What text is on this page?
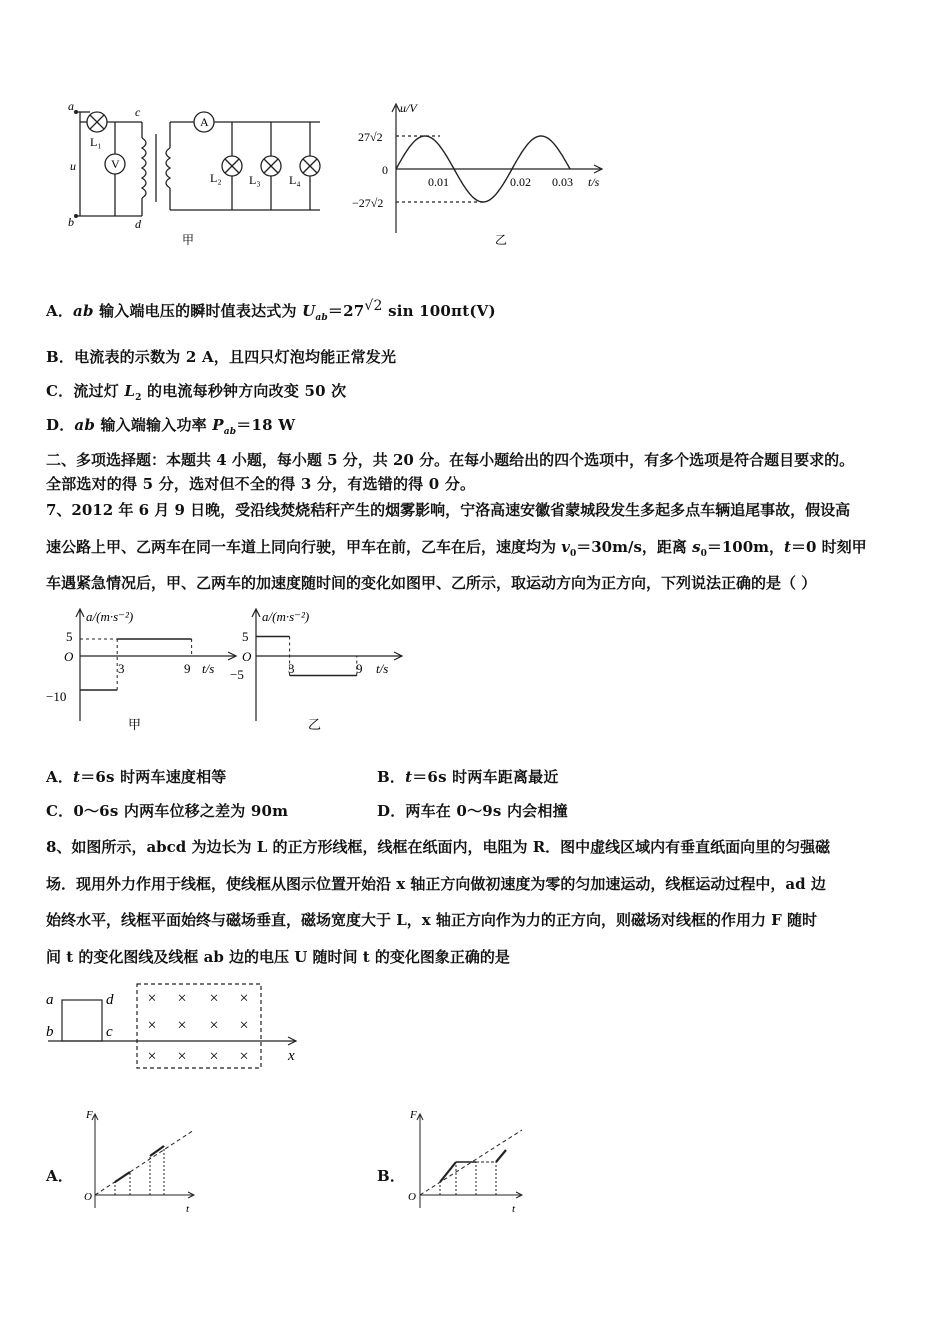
a
b
c
d
u
L₁
V
A
L₂ L₃ L₄
甲
u/V
t/s
27√2
−27√2
0
0.01	0.02 0.03
乙
A．ab 输入端电压的瞬时值表达式为 $U_{ab}=27^{√2}$ sin 100πt(V)
B．电流表的示数为 2 A，且四只灯泡均能正常发光
C．流过灯 $L_2$ 的电流每秒钟方向改变 50 次
D．ab 输入端输入功率 $P_{ab}=18$ W
二、多项选择题：本题共 4 小题，每小题 5 分，共 20 分。在每小题给出的四个选项中，有多个选项是符合题目要求的。
全部选对的得 5 分，选对但不全的得 3 分，有选错的得 0 分。
7、2012 年 6 月 9 日晚，受沿线焚烧秸秆产生的烟雾影响，宁洛高速安徽省蒙城段发生多起多点车辆追尾事故，假设高
速公路上甲、乙两车在同一车道上同向行驶，甲车在前，乙车在后，速度均为 $v_0=30m/s$，距离 $s_0=100m$，t＝0 时刻甲
车遇紧急情况后，甲、乙两车的加速度随时间的变化如图甲、乙所示，取运动方向为正方向，下列说法正确的是（ ）
a/(m·s⁻²)
t/s
O
5
−10
3	9
甲
a/(m·s⁻²)
t/s
O
5
−5	3	9
乙
A．t＝6s 时两车速度相等	B．t＝6s 时两车距离最近
C．0～6s 内两车位移之差为 90m	D．两车在 0～9s 内会相撞
8、如图所示，abcd 为边长为 L 的正方形线框，线框在纸面内，电阻为 R．图中虚线区域内有垂直纸面向里的匀强磁
场．现用外力作用于线框，使线框从图示位置开始沿 x 轴正方向做初速度为零的匀加速运动，线框运动过程中，ad 边
始终水平，线框平面始终与磁场垂直，磁场宽度大于 L，x 轴正方向作为力的正方向，则磁场对线框的作用力 F 随时
间 t 的变化图线及线框 ab 边的电压 U 随时间 t 的变化图象正确的是
× × × ×
× × × ×
× × × ×
a
b	c
d
x
A．
F
t
O
B．
F
t
O
